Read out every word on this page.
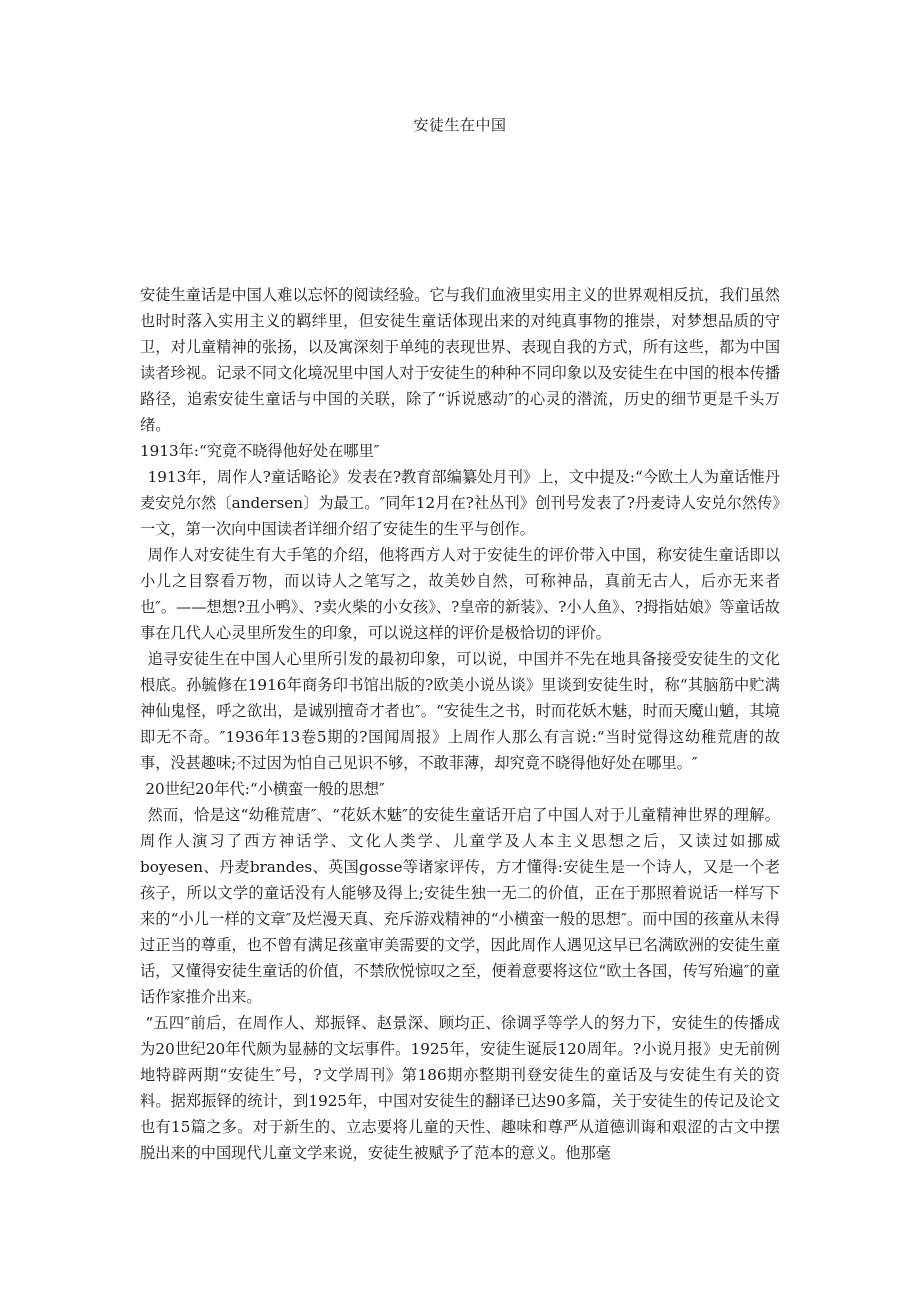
安徒生在中国

安徒生童话是中国人难以忘怀的阅读经验。它与我们血液里实用主义的世界观相反抗，我们虽然也时时落入实用主义的羁绊里，但安徒生童话体现出来的对纯真事物的推崇，对梦想品质的守卫，对儿童精神的张扬，以及寓深刻于单纯的表现世界、表现自我的方式，所有这些，都为中国读者珍视。记录不同文化境况里中国人对于安徒生的种种不同印象以及安徒生在中国的根本传播路径，追索安徒生童话与中国的关联，除了“诉说感动″的心灵的潜流，历史的细节更是千头万绪。

1913年:“究竟不晓得他好处在哪里″

1913年，周作人?童话略论》发表在?教育部编纂处月刊》上，文中提及:“今欧土人为童话惟丹麦安兑尔然〔andersen〕为最工。″同年12月在?社丛刊》创刊号发表了?丹麦诗人安兑尔然传》一文，第一次向中国读者详细介绍了安徒生的生平与创作。

周作人对安徒生有大手笔的介绍，他将西方人对于安徒生的评价带入中国，称安徒生童话即以小儿之目察看万物，而以诗人之笔写之，故美妙自然，可称神品，真前无古人，后亦无来者也″。——想想?丑小鸭》、?卖火柴的小女孩》、?皇帝的新装》、?小人鱼》、?拇指姑娘》等童话故事在几代人心灵里所发生的印象，可以说这样的评价是极恰切的评价。

追寻安徒生在中国人心里所引发的最初印象，可以说，中国并不先在地具备接受安徒生的文化根底。孙毓修在1916年商务印书馆出版的?欧美小说丛谈》里谈到安徒生时，称“其脑筋中贮满神仙鬼怪，呼之欲出，是诚别擅奇才者也″。“安徒生之书，时而花妖木魅，时而天魔山魈，其境即无不奇。″1936年13卷5期的?国闻周报》上周作人那么有言说:“当时觉得这幼稚荒唐的故事，没甚趣味;不过因为怕自己见识不够，不敢菲薄，却究竟不晓得他好处在哪里。″

20世纪20年代:“小横蛮一般的思想″

然而，恰是这“幼稚荒唐″、“花妖木魅″的安徒生童话开启了中国人对于儿童精神世界的理解。周作人演习了西方神话学、文化人类学、儿童学及人本主义思想之后，又读过如挪威boyesen、丹麦brandes、英国gosse等诸家评传，方才懂得:安徒生是一个诗人，又是一个老孩子，所以文学的童话没有人能够及得上;安徒生独一无二的价值，正在于那照着说话一样写下来的“小儿一样的文章″及烂漫天真、充斥游戏精神的“小横蛮一般的思想″。而中国的孩童从未得过正当的尊重，也不曾有满足孩童审美需要的文学，因此周作人遇见这早已名满欧洲的安徒生童话，又懂得安徒生童话的价值，不禁欣悦惊叹之至，便着意要将这位“欧土各国，传写殆遍″的童话作家推介出来。

“五四″前后，在周作人、郑振铎、赵景深、顾均正、徐调孚等学人的努力下，安徒生的传播成为20世纪20年代颇为显赫的文坛事件。1925年，安徒生诞辰120周年。?小说月报》史无前例地特辟两期“安徒生″号，?文学周刊》第186期亦整期刊登安徒生的童话及与安徒生有关的资料。据郑振铎的统计，到1925年，中国对安徒生的翻译已达90多篇，关于安徒生的传记及论文也有15篇之多。对于新生的、立志要将儿童的天性、趣味和尊严从道德训诲和艰涩的古文中摆脱出来的中国现代儿童文学来说，安徒生被赋予了范本的意义。他那毫
